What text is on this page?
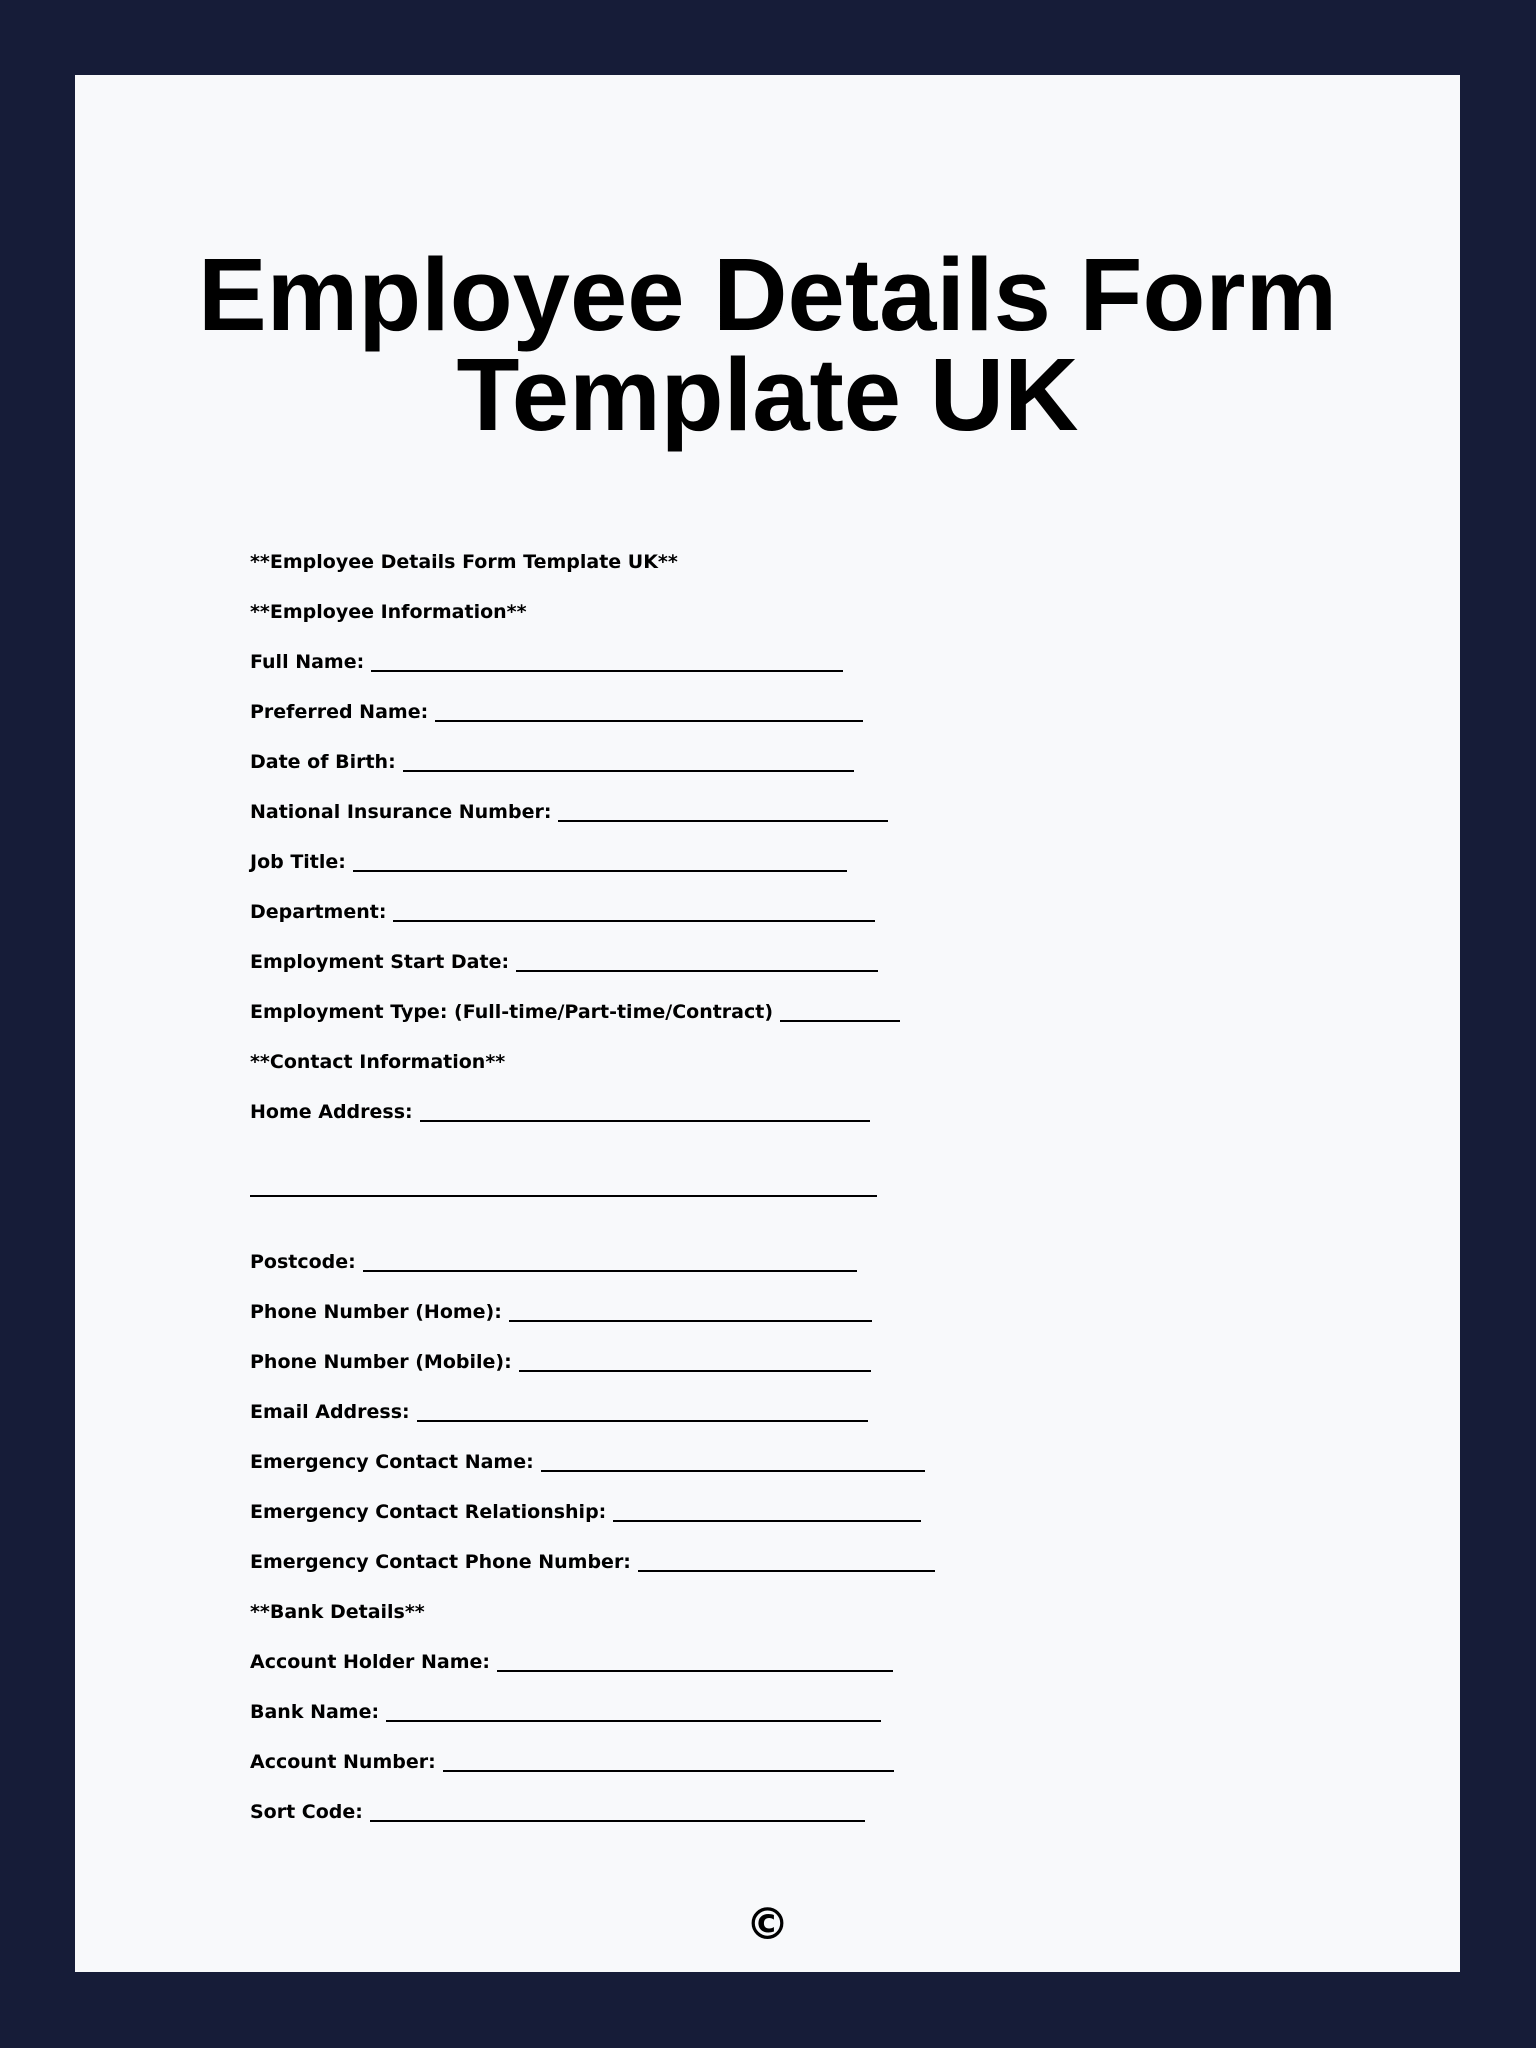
Employee Details Form
Template UK
**Employee Details Form Template UK**
**Employee Information**
Full Name:
Preferred Name:
Date of Birth:
National Insurance Number:
Job Title:
Department:
Employment Start Date:
Employment Type: (Full-time/Part-time/Contract)
**Contact Information**
Home Address:
Postcode:
Phone Number (Home):
Phone Number (Mobile):
Email Address:
Emergency Contact Name:
Emergency Contact Relationship:
Emergency Contact Phone Number:
**Bank Details**
Account Holder Name:
Bank Name:
Account Number:
Sort Code:
©
